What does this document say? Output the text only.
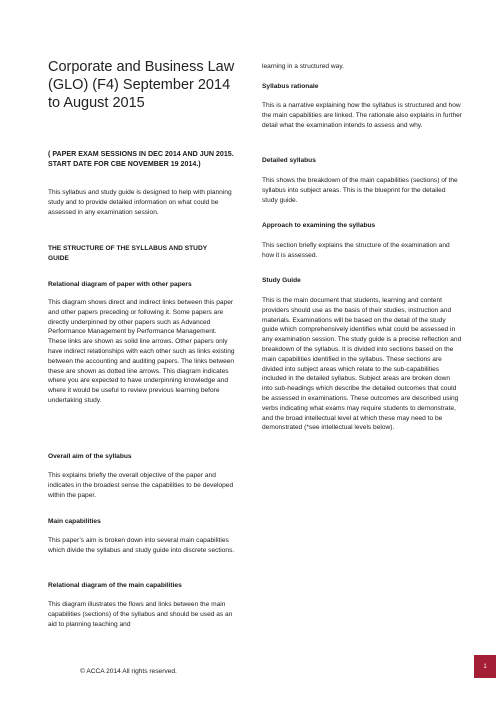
Corporate and Business Law (GLO) (F4) September 2014 to August 2015

( PAPER EXAM SESSIONS IN DEC 2014 AND JUN 2015. START DATE FOR CBE NOVEMBER 19 2014.)

This syllabus and study guide is designed to help with planning study and to provide detailed information on what could be assessed in any examination session.

THE STRUCTURE OF THE SYLLABUS AND STUDY GUIDE

Relational diagram of paper with other papers

This diagram shows direct and indirect links between this paper and other papers preceding or following it. Some papers are directly underpinned by other papers such as Advanced Performance Management by Performance Management. These links are shown as solid line arrows. Other papers only have indirect relationships with each other such as links existing between the accounting and auditing papers. The links between these are shown as dotted line arrows. This diagram indicates where you are expected to have underpinning knowledge and where it would be useful to review previous learning before undertaking study.

Overall aim of the syllabus

This explains briefly the overall objective of the paper and indicates in the broadest sense the capabilities to be developed within the paper.

Main capabilities

This paper’s aim is broken down into several main capabilities which divide the syllabus and study guide into discrete sections.

Relational diagram of the main capabilities

This diagram illustrates the flows and links between the main capabilities (sections) of the syllabus and should be used as an aid to planning teaching and

learning in a structured way.

Syllabus rationale

This is a narrative explaining how the syllabus is structured and how the main capabilities are linked. The rationale also explains in further detail what the examination intends to assess and why.

Detailed syllabus

This shows the breakdown of the main capabilities (sections) of the syllabus into subject areas. This is the blueprint for the detailed study guide.

Approach to examining the syllabus

This section briefly explains the structure of the examination and how it is assessed.

Study Guide

This is the main document that students, learning and content providers should use as the basis of their studies, instruction and materials. Examinations will be based on the detail of the study guide which comprehensively identifies what could be assessed in any examination session. The study guide is a precise reflection and breakdown of the syllabus. It is divided into sections based on the main capabilities identified in the syllabus. These sections are divided into subject areas which relate to the sub-capabilities included in the detailed syllabus. Subject areas are broken down into sub-headings which describe the detailed outcomes that could be assessed in examinations. These outcomes are described using verbs indicating what exams may require students to demonstrate, and the broad intellectual level at which these may need to be demonstrated (*see intellectual levels below).

© ACCA 2014 All rights reserved.
1
